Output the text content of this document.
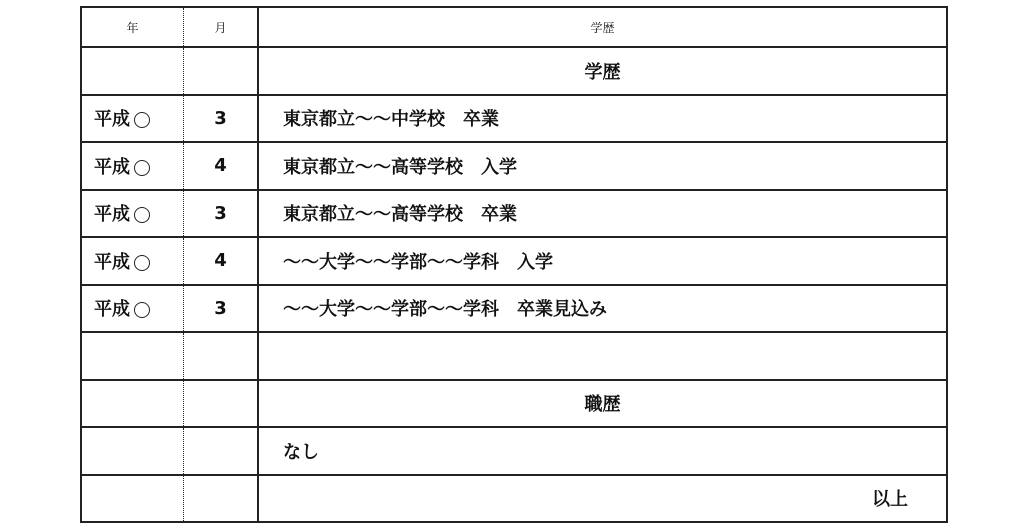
年	月	学歴
		学歴
平成	3	東京都立～～中学校　卒業
平成	4	東京都立～～高等学校　入学
平成	3	東京都立～～高等学校　卒業
平成	4	～～大学～～学部～～学科　入学
平成	3	～～大学～～学部～～学科　卒業見込み

		職歴
		なし
		以上
